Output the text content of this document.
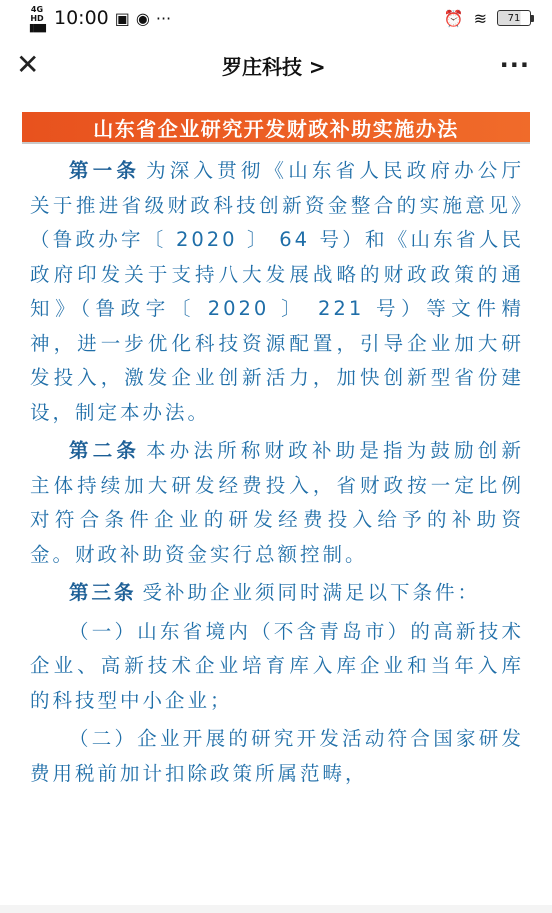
4G HD
▮▮▮▮ 10:00 ▣ ◉ ···	⏰ ≋	71
✕	罗庄科技 >	···
山东省企业研究开发财政补助实施办法

第一条 为深入贯彻《山东省人民政府办公厅关于推进省级财政科技创新资金整合的实施意见》（鲁政办字〔 2020 〕 64 号）和《山东省人民政府印发关于支持八大发展战略的财政政策的通知》（鲁政字〔 2020 〕 221 号）等文件精神，进一步优化科技资源配置，引导企业加大研发投入，激发企业创新活力，加快创新型省份建设，制定本办法。

第二条 本办法所称财政补助是指为鼓励创新主体持续加大研发经费投入，省财政按一定比例对符合条件企业的研发经费投入给予的补助资金。财政补助资金实行总额控制。

第三条 受补助企业须同时满足以下条件：

（一）山东省境内（不含青岛市）的高新技术企业、高新技术企业培育库入库企业和当年入库的科技型中小企业；

（二）企业开展的研究开发活动符合国家研发费用税前加计扣除政策所属范畴，
